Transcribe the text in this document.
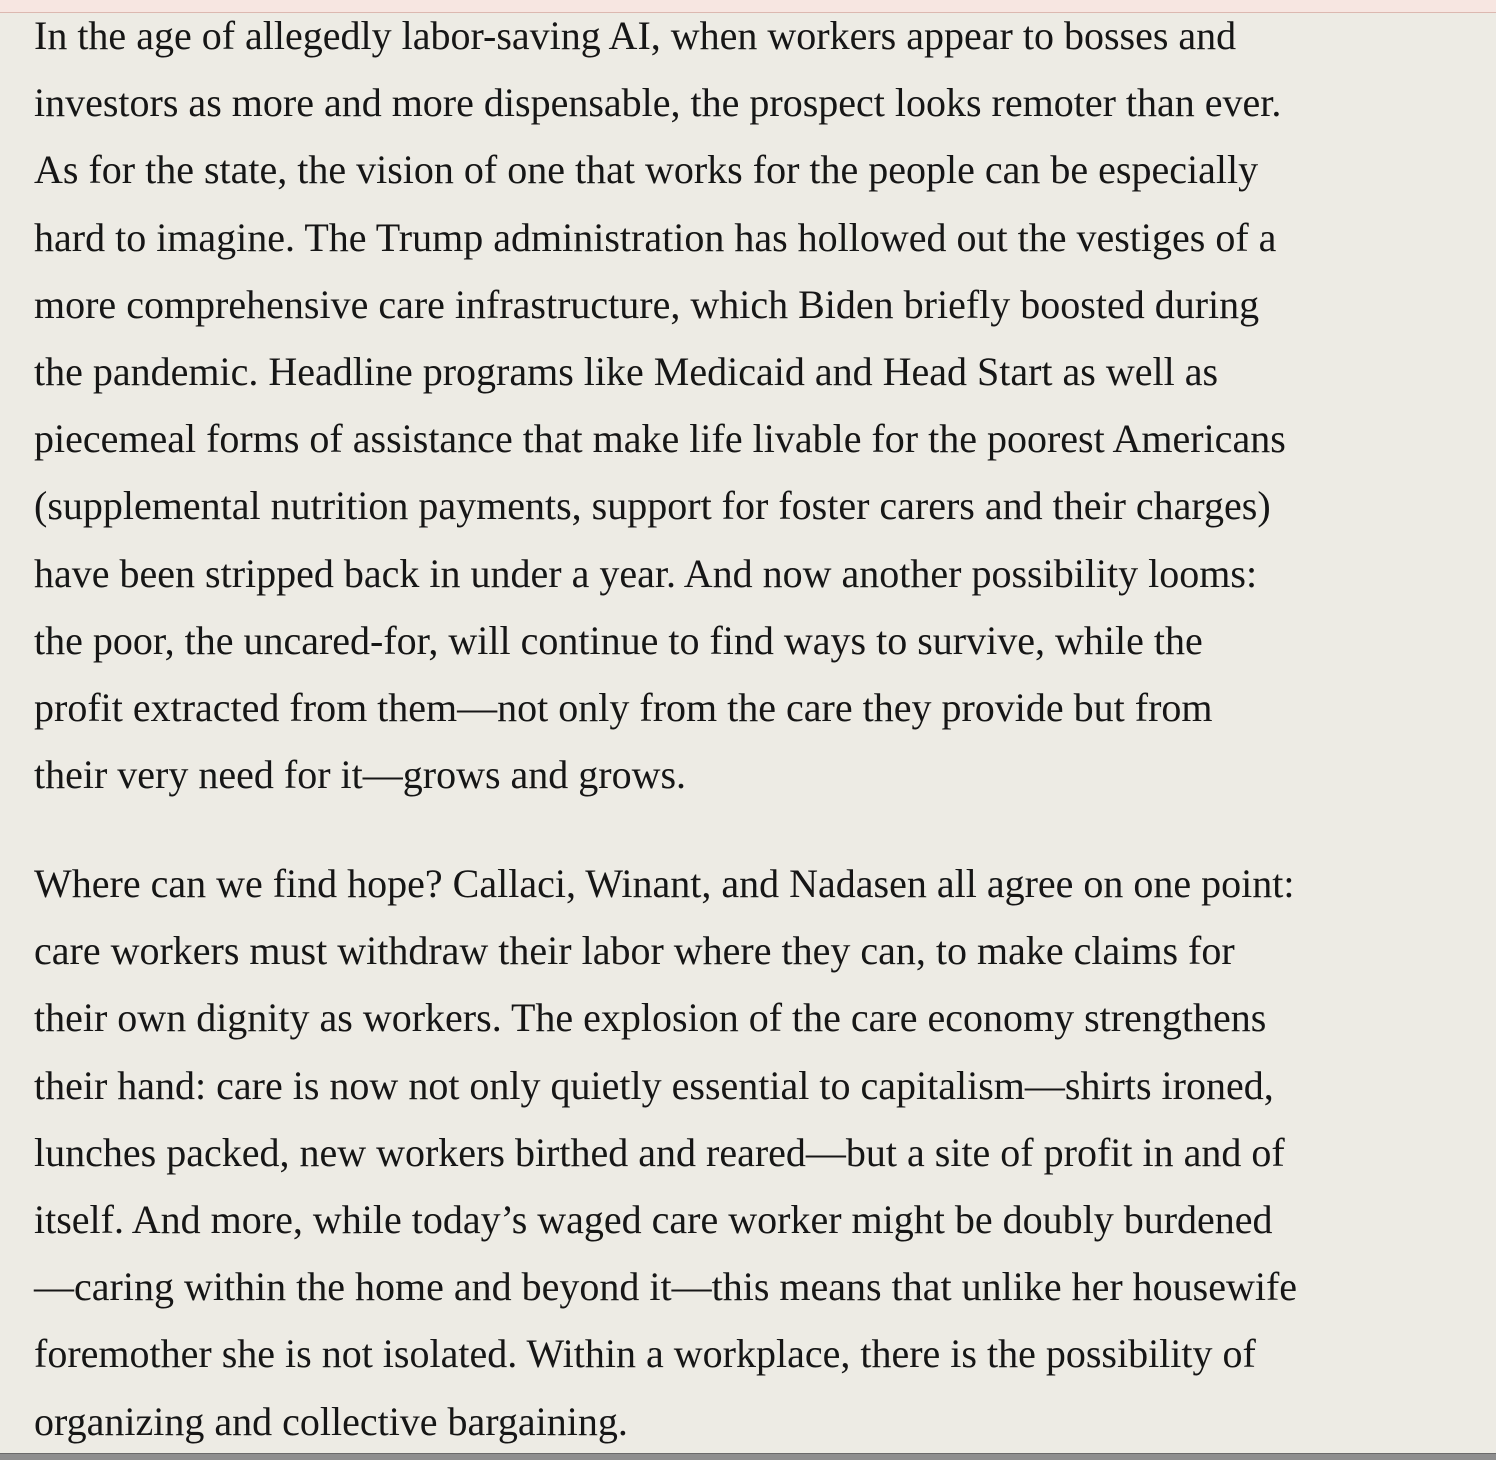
In the age of allegedly labor-saving AI, when workers appear to bosses and
investors as more and more dispensable, the prospect looks remoter than ever.
As for the state, the vision of one that works for the people can be especially
hard to imagine. The Trump administration has hollowed out the vestiges of a
more comprehensive care infrastructure, which Biden briefly boosted during
the pandemic. Headline programs like Medicaid and Head Start as well as
piecemeal forms of assistance that make life livable for the poorest Americans
(supplemental nutrition payments, support for foster carers and their charges)
have been stripped back in under a year. And now another possibility looms:
the poor, the uncared-for, will continue to find ways to survive, while the
profit extracted from them—not only from the care they provide but from
their very need for it—grows and grows.

Where can we find hope? Callaci, Winant, and Nadasen all agree on one point:
care workers must withdraw their labor where they can, to make claims for
their own dignity as workers. The explosion of the care economy strengthens
their hand: care is now not only quietly essential to capitalism—shirts ironed,
lunches packed, new workers birthed and reared—but a site of profit in and of
itself. And more, while today’s waged care worker might be doubly burdened
—caring within the home and beyond it—this means that unlike her housewife
foremother she is not isolated. Within a workplace, there is the possibility of
organizing and collective bargaining.
